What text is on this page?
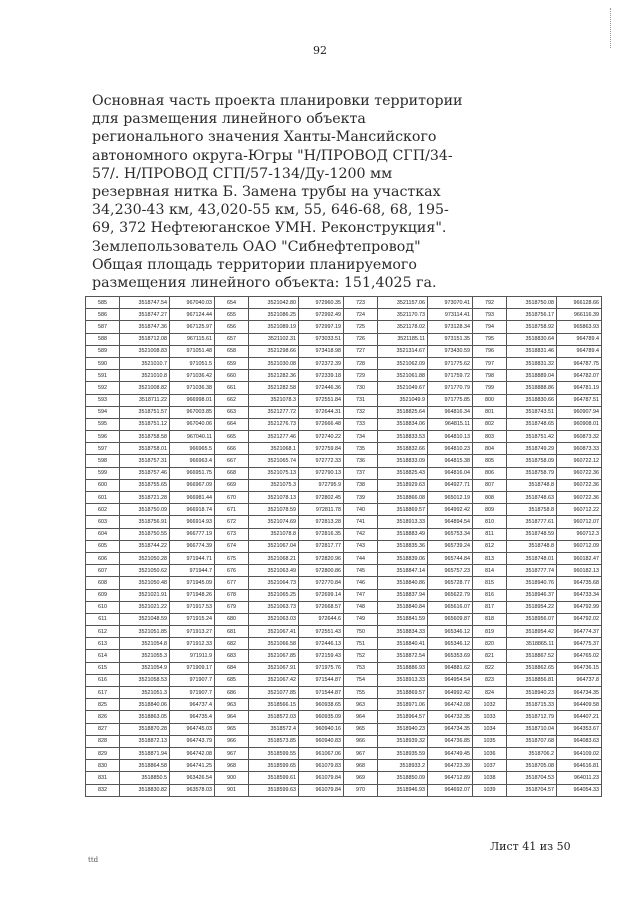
92
Основная часть проекта планировки территории
для размещения линейного объекта
регионального значения Ханты-Мансийского
автономного округа-Югры "Н/ПРОВОД СГП/34-
57/. Н/ПРОВОД СГП/57-134/Ду-1200 мм
резервная нитка Б. Замена трубы на участках
34,230-43 км, 43,020-55 км, 55, 646-68, 68, 195-
69, 372 Нефтеюганское УМН. Реконструкция".
Землепользователь ОАО "Сибнефтепровод"
Общая площадь территории планируемого
размещения линейного объекта: 151,4025 га.
585	3518747.54	967040.03	654	3521042.80	972960.35	723	3521157.06	973070.41	792	3518750.08	966128.66
586	3518747.27	967124.44	655	3521086.25	972992.49	724	3521170.73	973114.41	793	3518756.17	966116.39
587	3518747.36	967125.97	656	3521089.19	972997.19	725	3521178.02	973128.34	794	3518758.92	965863.93
588	3518712.08	967115.61	657	3521102.31	973033.51	726	3521185.11	973151.35	795	3518830.64	964789.4
589	3521008.83	971051.48	658	3521298.66	973418.98	727	3521314.67	973430.59	796	3518831.46	964789.4
590	3521010.7	971051.5	659	3521030.08	972372.39	728	3521062.09	971775.62	797	3518831.32	964787.75
591	3521010.8	971036.42	660	3521282.36	972339.18	729	3521061.88	971759.72	798	3518889.04	964782.07
592	3521008.82	971036.38	661	3521282.58	972446.36	730	3521049.67	971770.79	799	3518888.86	964781.19
593	3518711.22	966998.01	662	3521078.3	972551.84	731	3521049.9	971775.85	800	3518830.66	964787.51
594	3518751.57	967003.85	663	3521277.72	972644.31	732	3518825.64	964816.34	801	3518743.51	960907.94
595	3518751.12	967040.06	664	3521276.73	972666.48	733	3518834.06	964815.11	802	3518748.65	960908.01
596	3518758.58	967040.11	665	3521277.46	972740.22	734	3518833.53	964810.13	803	3518751.42	960873.32
597	3518758.01	966965.5	666	3521068.1	972759.84	735	3518832.66	964810.23	804	3518749.29	960873.33
598	3518757.31	966963.4	667	3521065.74	972772.33	736	3518833.09	964815.38	805	3518758.09	960722.12
599	3518757.46	966951.75	668	3521075.13	972790.13	737	3518825.43	964816.04	806	3518758.79	960722.36
600	3518755.65	966967.09	669	3521075.3	972795.9	738	3518929.63	964927.71	807	3518748.8	960722.36
601	3518721.28	966981.44	670	3521078.13	972802.45	739	3518866.08	965012.19	808	3518748.63	960722.36
602	3518750.09	966918.74	671	3521078.59	972811.78	740	3518869.57	964992.42	809	3518758.8	960712.22
603	3518756.91	966914.93	672	3521074.69	972813.28	741	3518913.33	964894.54	810	3518777.61	960712.07
604	3518750.55	966777.19	673	3521078.8	972816.35	742	3518883.49	965753.34	811	3518748.59	960712.3
605	3518744.22	966774.39	674	3521067.04	972817.77	743	3518835.36	965739.24	812	3518748.8	960712.09
606	3521050.28	971944.71	675	3521068.21	972820.96	744	3518839.06	965744.84	813	3518748.01	960182.47
607	3521050.62	971944.7	676	3521063.49	972800.86	745	3518847.14	965757.23	814	3518777.74	960182.13
608	3521050.48	971945.09	677	3521064.73	972770.84	746	3518840.86	965728.77	815	3518940.76	964735.68
609	3521021.91	971948.26	678	3521065.25	972699.14	747	3518837.94	965622.79	816	3518946.37	964733.34
610	3521021.22	971917.53	679	3521063.73	972668.57	748	3518840.84	965616.07	817	3518954.22	964792.99
611	3521048.59	971915.24	680	3521063.03	972644.6	749	3518841.59	965609.87	818	3518956.07	964792.02
612	3521051.85	971913.27	681	3521067.41	972551.43	750	3518834.33	965346.12	819	3518954.42	964774.37
613	3521054.8	971912.33	682	3521066.58	972446.13	751	3518840.41	965346.12	820	3518865.11	964775.37
614	3521055.3	971911.9	683	3521067.85	972159.43	752	3518872.54	965353.69	821	3518867.52	964765.02
615	3521054.9	971909.17	684	3521067.91	971975.76	753	3518886.93	964881.62	822	3518862.65	964736.15
616	3521058.53	971907.7	685	3521067.42	971544.87	754	3518913.33	964954.54	823	3518856.81	964737.8
617	3521051.3	971907.7	686	3521077.85	971544.87	755	3518869.57	964992.42	824	3518940.23	964734.35
825	3518840.06	964737.4	963	3518566.15	960938.65	963	3518971.06	964742.08	1032	3518715.33	964409.58
826	3518863.05	964735.4	964	3518572.03	960935.09	964	3518964.57	964732.35	1033	3518712.79	964407.21
827	3518870.28	964745.03	965	3518572.4	960940.16	965	3518940.23	964734.35	1034	3518710.04	964353.67
828	3518872.13	964743.79	966	3518573.85	960940.83	966	3518939.32	964736.85	1035	3518707.68	964083.63
829	3518871.94	964742.08	967	3518599.55	961067.06	967	3518935.59	964749.45	1036	3518706.2	964109.02
830	3518864.58	964741.25	968	3518599.65	961079.83	968	3518933.2	964723.39	1037	3518705.08	964616.81
831	3518850.5	963426.54	900	3518599.61	961079.84	969	3518850.09	964712.89	1038	3518704.53	964011.23
832	3518830.82	963578.03	901	3518599.63	961079.84	970	3518946.93	964692.07	1039	3518704.57	964054.33
Лист 41 из 50
ttd
